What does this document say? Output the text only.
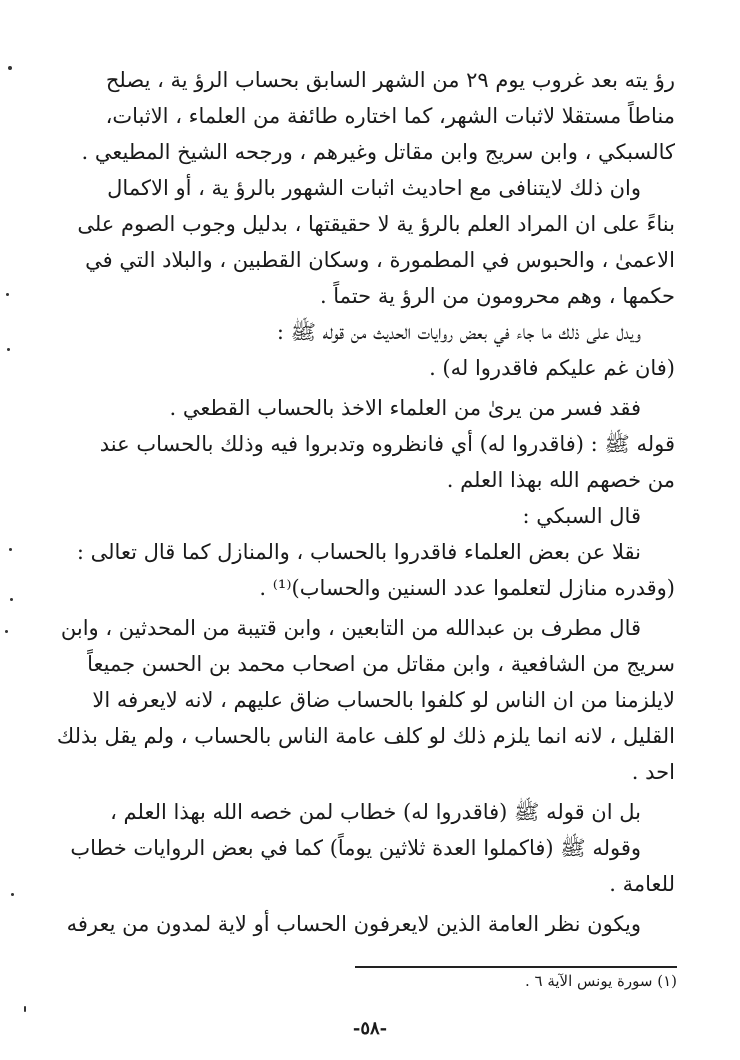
رؤ يته بعد غروب يوم ٢٩ من الشهر السابق بحساب الرؤ ية ، يصلح
مناطاً مستقلا لاثبات الشهر، كما اختاره طائفة من العلماء ، الاثبات،
كالسبكي ، وابن سريج وابن مقاتل وغيرهم ، ورجحه الشيخ المطيعي .
وان ذلك لايتنافى مع احاديث اثبات الشهور بالرؤ ية ، أو الاكمال
بناءً على ان المراد العلم بالرؤ ية لا حقيقتها ، بدليل وجوب الصوم على
الاعمىٰ ، والحبوس في المطمورة ، وسكان القطبين ، والبلاد التي في
حكمها ، وهم محرومون من الرؤ ية حتماً .
ويدل على ذلك ما جاء في بعض روايات الحديث من قوله ﷺ :
(فان غم عليكم فاقدروا له) .
فقد فسر من يرىٰ من العلماء الاخذ بالحساب القطعي .
قوله ﷺ : (فاقدروا له) أي فانظروه وتدبروا فيه وذلك بالحساب عند
من خصهم الله بهذا العلم .
قال السبكي :
نقلا عن بعض العلماء فاقدروا بالحساب ، والمنازل كما قال تعالى :
(وقدره منازل لتعلموا عدد السنين والحساب)⁽¹⁾ .
قال مطرف بن عبدالله من التابعين ، وابن قتيبة من المحدثين ، وابن
سريج من الشافعية ، وابن مقاتل من اصحاب محمد بن الحسن جميعاً
لايلزمنا من ان الناس لو كلفوا بالحساب ضاق عليهم ، لانه لايعرفه الا
القليل ، لانه انما يلزم ذلك لو كلف عامة الناس بالحساب ، ولم يقل بذلك
احد .
بل ان قوله ﷺ (فاقدروا له) خطاب لمن خصه الله بهذا العلم ،
وقوله ﷺ (فاكملوا العدة ثلاثين يوماً) كما في بعض الروايات خطاب
للعامة .
ويكون نظر العامة الذين لايعرفون الحساب أو لاية لمدون من يعرفه
(١) سورة يونس الآية ٦ .
-٥٨-
